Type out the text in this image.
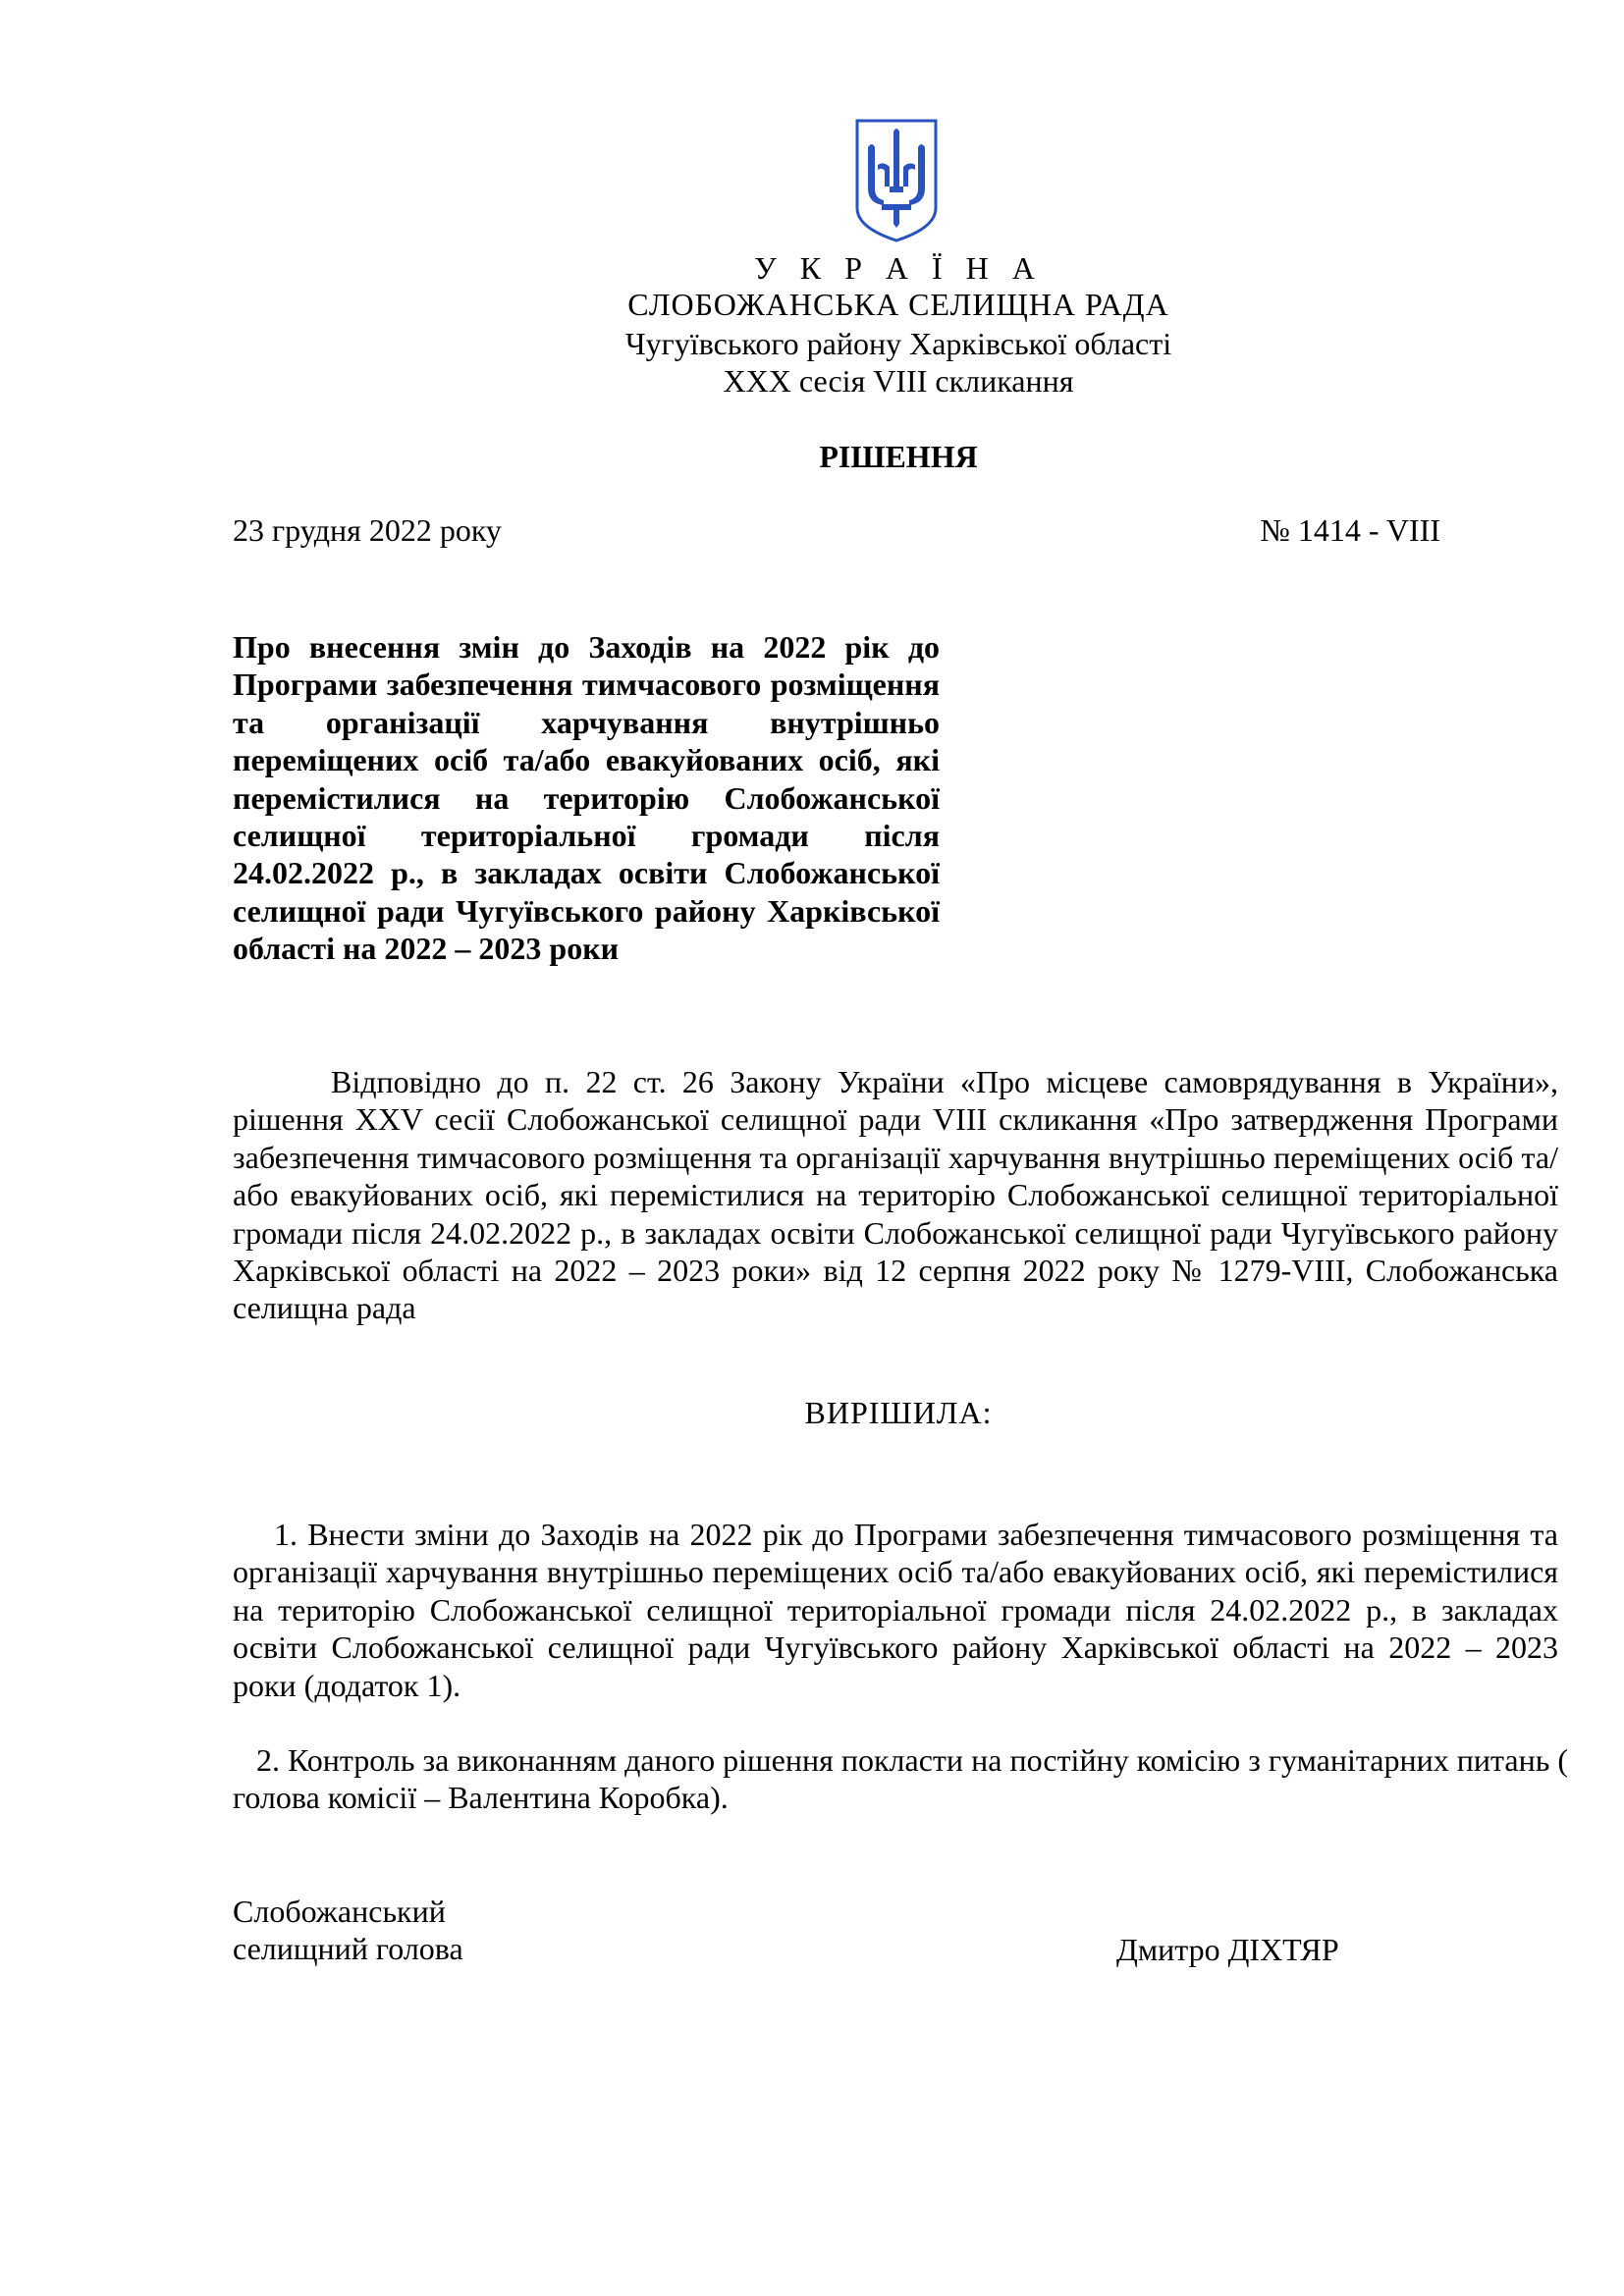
У К Р А Ї Н А
СЛОБОЖАНСЬКА СЕЛИЩНА РАДА
Чугуївського району Харківської області
XXX сесія VIII скликання
РІШЕННЯ
23 грудня 2022 року	№ 1414 - VIII

Про внесення змін до Заходів на 2022 рік до Програми забезпечення тимчасового розміщення та організації харчування внутрішньо переміщених осіб та/або евакуйованих осіб, які перемістилися на територію Слобожанської селищної територіальної громади після 24.02.2022 р., в закладах освіти Слобожанської селищної ради Чугуївського району Харківської області на 2022 – 2023 роки

Відповідно до п. 22 ст. 26 Закону України «Про місцеве самоврядування в України», рішення XXV сесії Слобожанської селищної ради VIII скликання «Про затвердження Програми забезпечення тимчасового розміщення та організації харчування внутрішньо переміщених осіб та/або евакуйованих осіб, які перемістилися на територію Слобожанської селищної територіальної громади після 24.02.2022 р., в закладах освіти Слобожанської селищної ради Чугуївського району Харківської області на 2022 – 2023 роки» від 12 серпня 2022 року № 1279-VIII, Слобожанська селищна рада

ВИРІШИЛА:

1. Внести зміни до Заходів на 2022 рік до Програми забезпечення тимчасового розміщення та організації харчування внутрішньо переміщених осіб та/або евакуйованих осіб, які перемістилися на територію Слобожанської селищної територіальної громади після 24.02.2022 р., в закладах освіти Слобожанської селищної ради Чугуївського району Харківської області на 2022 – 2023 роки (додаток 1).

2. Контроль за виконанням даного рішення покласти на постійну комісію з гуманітарних питань ( голова комісії – Валентина Коробка).

Слобожанський
селищний голова	Дмитро ДІХТЯР
